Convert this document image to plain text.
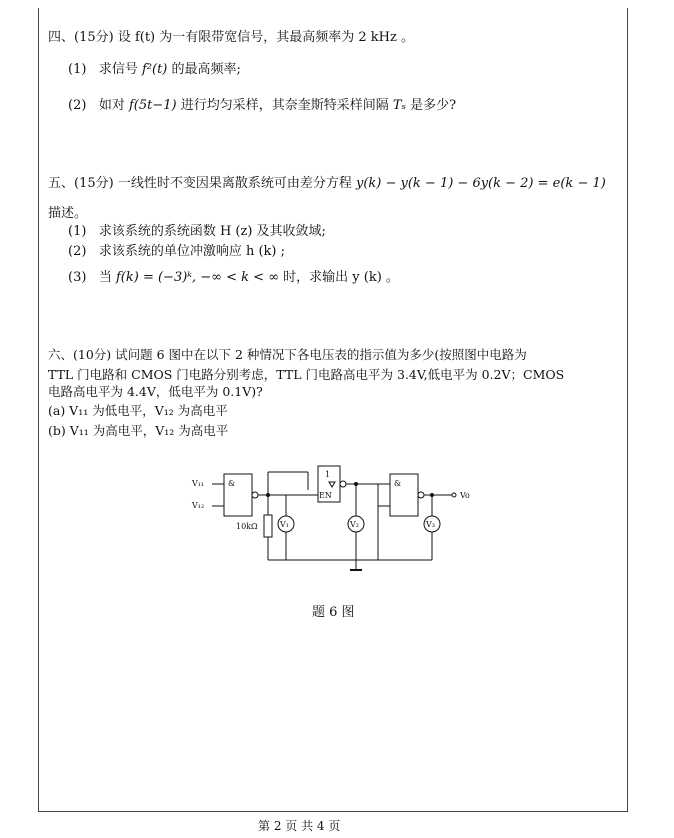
四、(15分) 设 f(t) 为一有限带宽信号，其最高频率为 2 kHz 。
(1) 求信号 f²(t) 的最高频率;
(2) 如对 f(5t−1) 进行均匀采样，其奈奎斯特采样间隔 Tₛ 是多少?
五、(15分) 一线性时不变因果离散系统可由差分方程 y(k) − y(k − 1) − 6y(k − 2) = e(k − 1)
描述。
(1) 求该系统的系统函数 H (z) 及其收敛域;
(2) 求该系统的单位冲激响应 h (k) ;
(3) 当 f(k) = (−3)ᵏ, −∞ < k < ∞ 时，求输出 y (k) 。
六、(10分) 试问题 6 图中在以下 2 种情况下各电压表的指示值为多少(按照图中电路为
TTL 门电路和 CMOS 门电路分别考虑，TTL 门电路高电平为 3.4V,低电平为 0.2V；CMOS
电路高电平为 4.4V，低电平为 0.1V)?
(a) V₁₁ 为低电平，V₁₂ 为高电平
(b) V₁₁ 为高电平，V₁₂ 为高电平
V₁₁
V₁₂
&
10kΩ	V₁
1
EN
V₂
&
Vo
V₃
题 6 图
第 2 页 共 4 页
